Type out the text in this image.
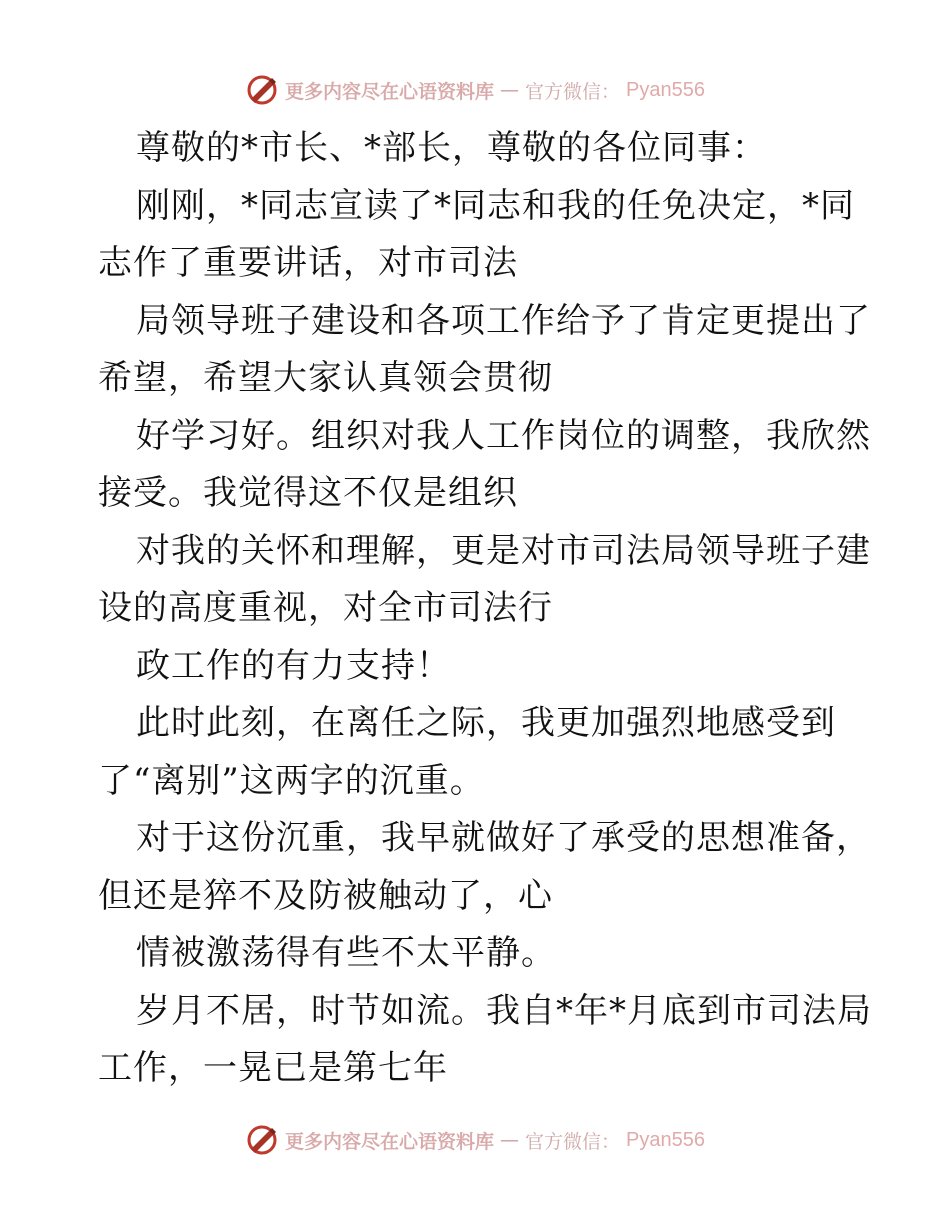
更多内容尽在心语资料库 — 官方微信： Pyan556
尊敬的*市长、*部长，尊敬的各位同事：
刚刚，*同志宣读了*同志和我的任免决定，*同
志作了重要讲话，对市司法
局领导班子建设和各项工作给予了肯定更提出了
希望，希望大家认真领会贯彻
好学习好。组织对我人工作岗位的调整，我欣然
接受。我觉得这不仅是组织
对我的关怀和理解，更是对市司法局领导班子建
设的高度重视，对全市司法行
政工作的有力支持！
此时此刻，在离任之际，我更加强烈地感受到
了“离别”这两字的沉重。
对于这份沉重，我早就做好了承受的思想准备，
但还是猝不及防被触动了，心
情被激荡得有些不太平静。
岁月不居，时节如流。我自*年*月底到市司法局
工作，一晃已是第七年
更多内容尽在心语资料库 — 官方微信： Pyan556
